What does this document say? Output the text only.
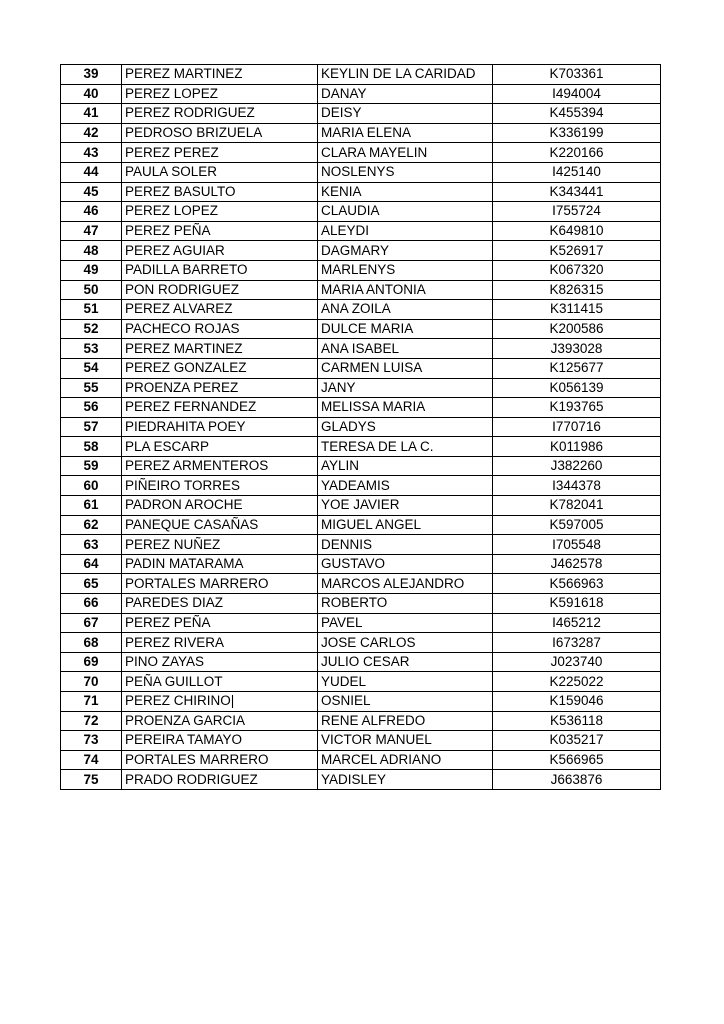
39	PEREZ MARTINEZ	KEYLIN DE LA CARIDAD	K703361
40	PEREZ LOPEZ	DANAY	I494004
41	PEREZ RODRIGUEZ	DEISY	K455394
42	PEDROSO BRIZUELA	MARIA ELENA	K336199
43	PEREZ PEREZ	CLARA MAYELIN	K220166
44	PAULA SOLER	NOSLENYS	I425140
45	PEREZ BASULTO	KENIA	K343441
46	PEREZ LOPEZ	CLAUDIA	I755724
47	PEREZ PEÑA	ALEYDI	K649810
48	PEREZ AGUIAR	DAGMARY	K526917
49	PADILLA BARRETO	MARLENYS	K067320
50	PON RODRIGUEZ	MARIA ANTONIA	K826315
51	PEREZ ALVAREZ	ANA ZOILA	K311415
52	PACHECO ROJAS	DULCE MARIA	K200586
53	PEREZ MARTINEZ	ANA ISABEL	J393028
54	PEREZ GONZALEZ	CARMEN LUISA	K125677
55	PROENZA PEREZ	JANY	K056139
56	PEREZ FERNANDEZ	MELISSA MARIA	K193765
57	PIEDRAHITA POEY	GLADYS	I770716
58	PLA ESCARP	TERESA DE LA C.	K011986
59	PEREZ ARMENTEROS	AYLIN	J382260
60	PIÑEIRO TORRES	YADEAMIS	I344378
61	PADRON AROCHE	YOE JAVIER	K782041
62	PANEQUE CASAÑAS	MIGUEL ANGEL	K597005
63	PEREZ NUÑEZ	DENNIS	I705548
64	PADIN MATARAMA	GUSTAVO	J462578
65	PORTALES MARRERO	MARCOS ALEJANDRO	K566963
66	PAREDES DIAZ	ROBERTO	K591618
67	PEREZ PEÑA	PAVEL	I465212
68	PEREZ RIVERA	JOSE CARLOS	I673287
69	PINO ZAYAS	JULIO CESAR	J023740
70	PEÑA GUILLOT	YUDEL	K225022
71	PEREZ CHIRINO|	OSNIEL	K159046
72	PROENZA GARCIA	RENE ALFREDO	K536118
73	PEREIRA TAMAYO	VICTOR MANUEL	K035217
74	PORTALES MARRERO	MARCEL ADRIANO	K566965
75	PRADO RODRIGUEZ	YADISLEY	J663876
